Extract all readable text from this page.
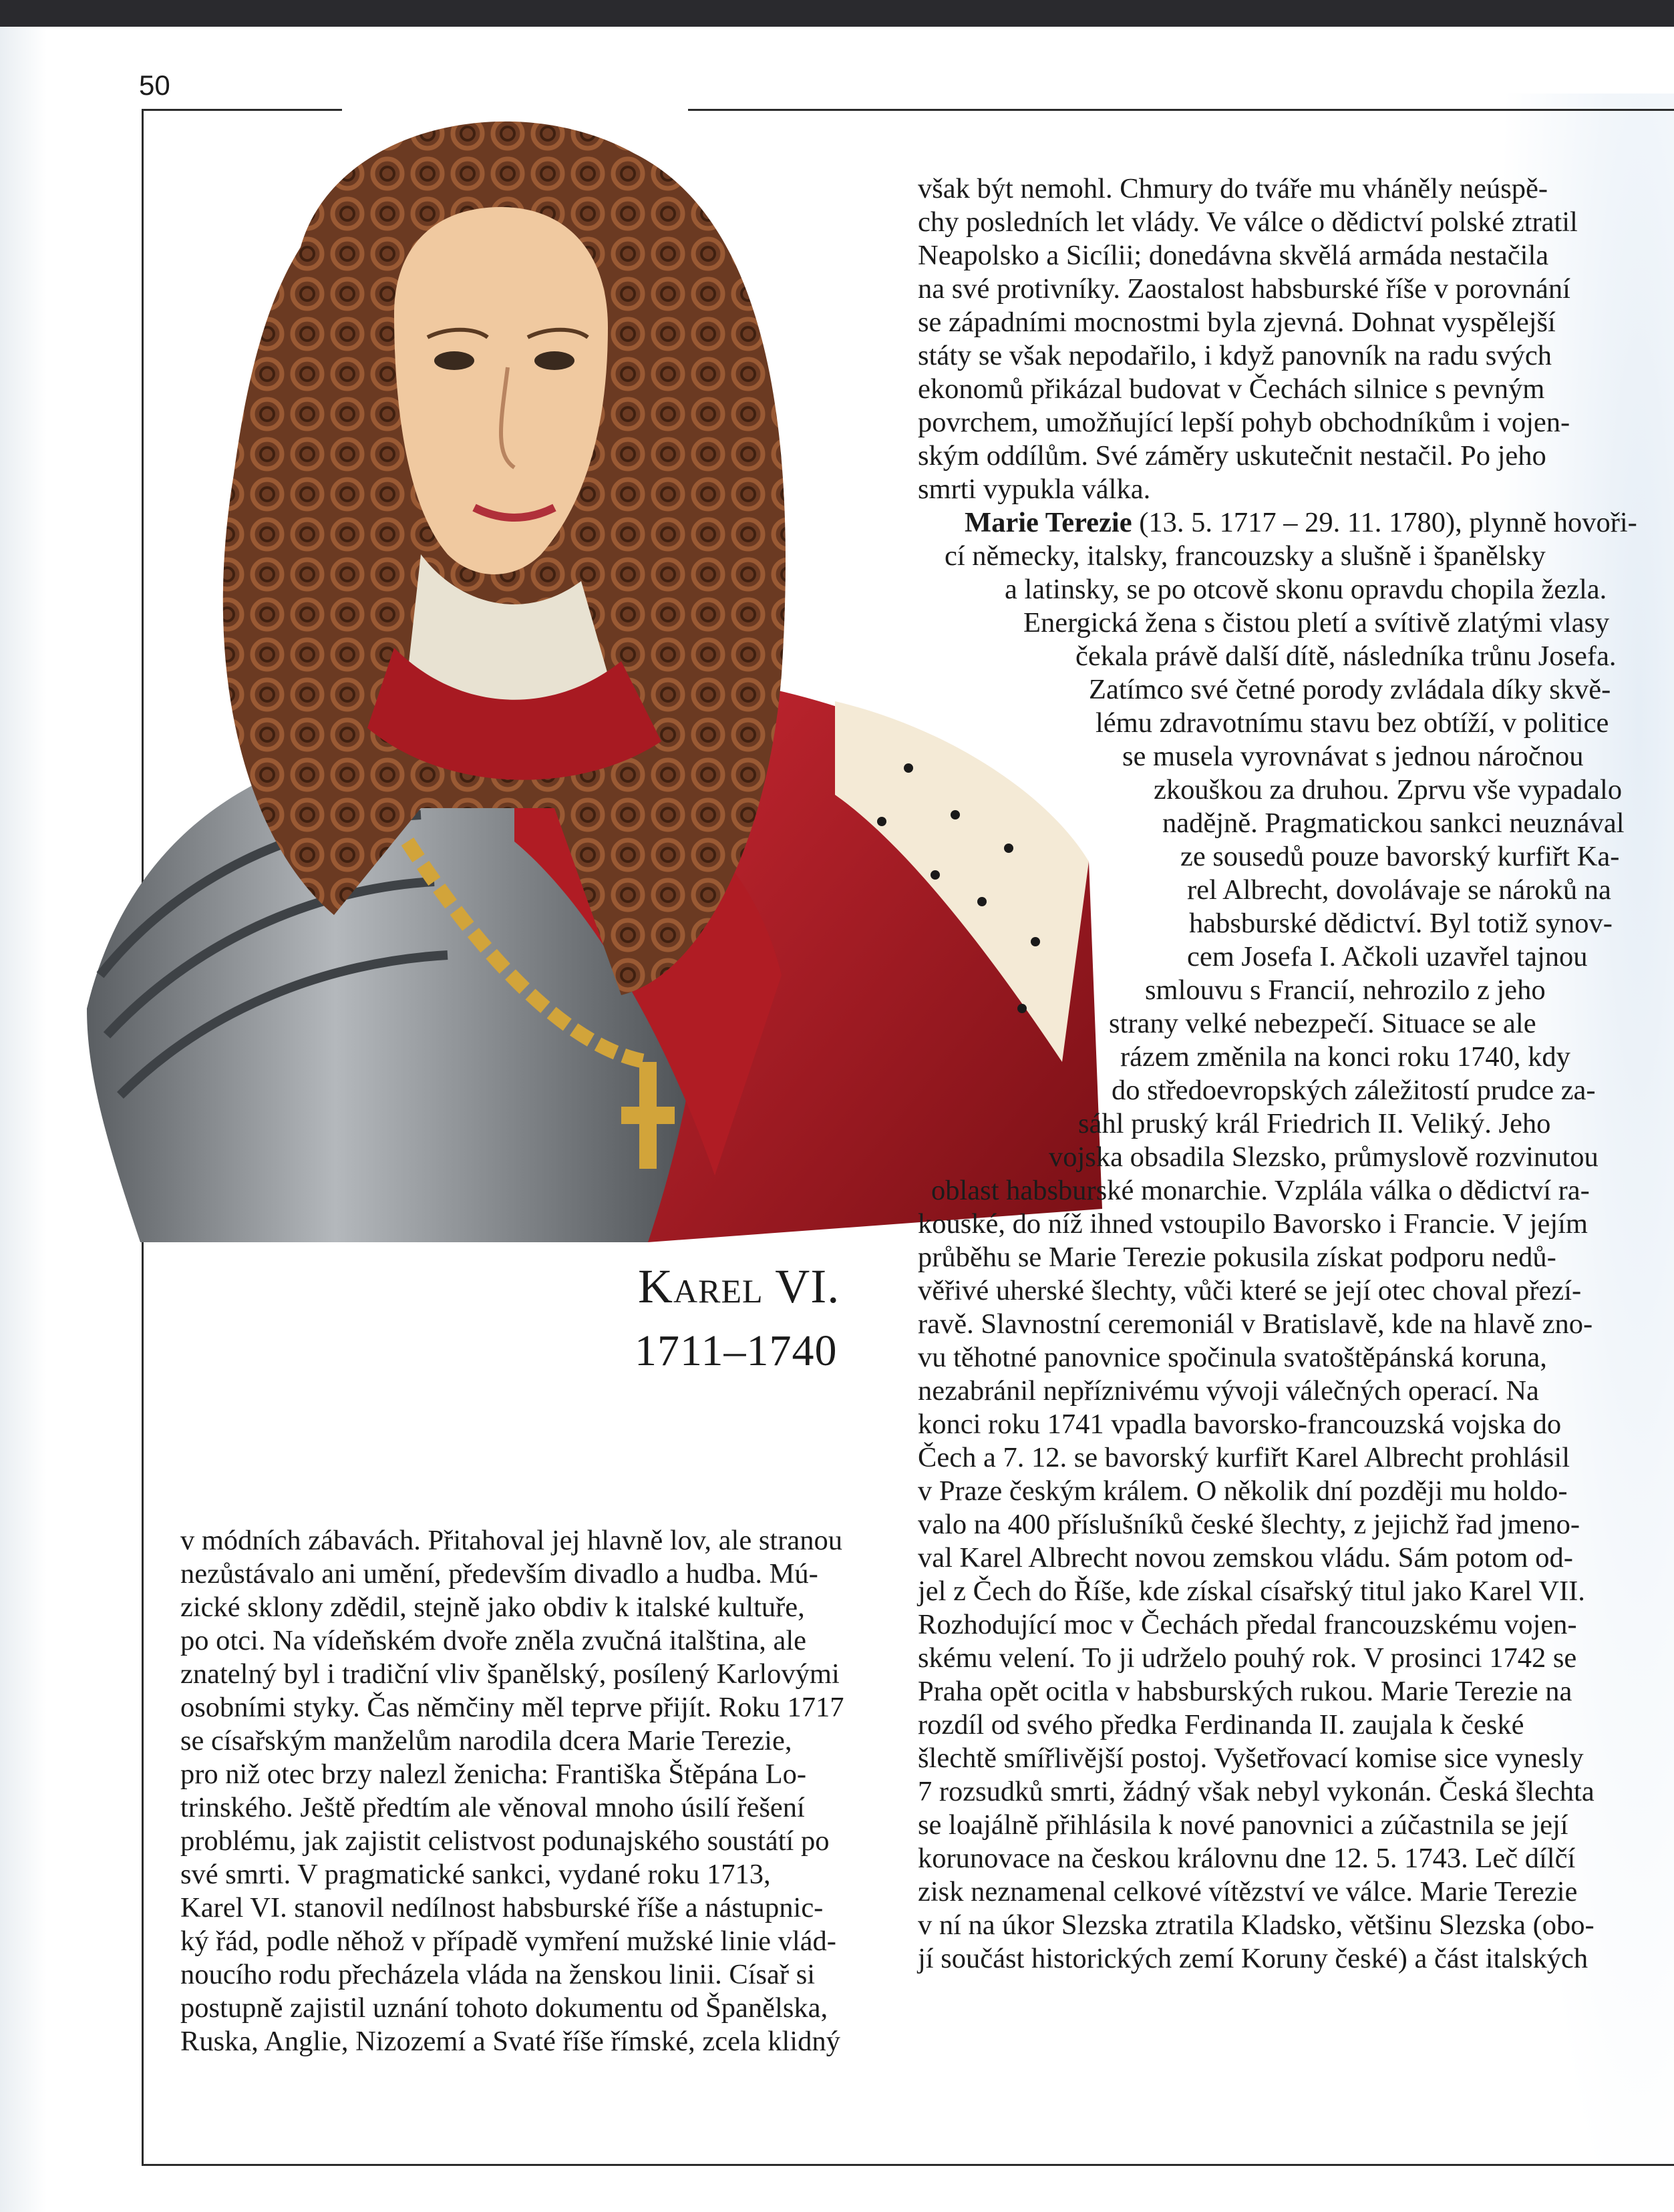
50
Karel VI.
1711–1740
však být nemohl. Chmury do tváře mu vháněly neúspě-
chy posledních let vlády. Ve válce o dědictví polské ztratil
Neapolsko a Sicílii; donedávna skvělá armáda nestačila
na své protivníky. Zaostalost habsburské říše v porovnání
se západními mocnostmi byla zjevná. Dohnat vyspělejší
státy se však nepodařilo, i když panovník na radu svých
ekonomů přikázal budovat v Čechách silnice s pevným
povrchem, umožňující lepší pohyb obchodníkům i vojen-
ským oddílům. Své záměry uskutečnit nestačil. Po jeho
smrti vypukla válka.
Marie Terezie (13. 5. 1717 – 29. 11. 1780), plynně hovoři-
cí německy, italsky, francouzsky a slušně i španělsky
a latinsky, se po otcově skonu opravdu chopila žezla.
Energická žena s čistou pletí a svítivě zlatými vlasy
čekala právě další dítě, následníka trůnu Josefa.
Zatímco své četné porody zvládala díky skvě-
lému zdravotnímu stavu bez obtíží, v politice
se musela vyrovnávat s jednou náročnou
zkouškou za druhou. Zprvu vše vypadalo
nadějně. Pragmatickou sankci neuznával
ze sousedů pouze bavorský kurfiřt Ka-
rel Albrecht, dovolávaje se nároků na
habsburské dědictví. Byl totiž synov-
cem Josefa I. Ačkoli uzavřel tajnou
smlouvu s Francií, nehrozilo z jeho
strany velké nebezpečí. Situace se ale
rázem změnila na konci roku 1740, kdy
do středoevropských záležitostí prudce za-
sáhl pruský král Friedrich II. Veliký. Jeho
vojska obsadila Slezsko, průmyslově rozvinutou
oblast habsburské monarchie. Vzplála válka o dědictví ra-
kouské, do níž ihned vstoupilo Bavorsko i Francie. V jejím
průběhu se Marie Terezie pokusila získat podporu nedů-
věřivé uherské šlechty, vůči které se její otec choval přezí-
ravě. Slavnostní ceremoniál v Bratislavě, kde na hlavě zno-
vu těhotné panovnice spočinula svatoštěpánská koruna,
nezabránil nepříznivému vývoji válečných operací. Na
konci roku 1741 vpadla bavorsko-francouzská vojska do
Čech a 7. 12. se bavorský kurfiřt Karel Albrecht prohlásil
v Praze českým králem. O několik dní později mu holdo-
valo na 400 příslušníků české šlechty, z jejichž řad jmeno-
val Karel Albrecht novou zemskou vládu. Sám potom od-
jel z Čech do Říše, kde získal císařský titul jako Karel VII.
Rozhodující moc v Čechách předal francouzskému vojen-
skému velení. To ji udrželo pouhý rok. V prosinci 1742 se
Praha opět ocitla v habsburských rukou. Marie Terezie na
rozdíl od svého předka Ferdinanda II. zaujala k české
šlechtě smířlivější postoj. Vyšetřovací komise sice vynesly
7 rozsudků smrti, žádný však nebyl vykonán. Česká šlechta
se loajálně přihlásila k nové panovnici a zúčastnila se její
korunovace na českou královnu dne 12. 5. 1743. Leč dílčí
zisk neznamenal celkové vítězství ve válce. Marie Terezie
v ní na úkor Slezska ztratila Kladsko, většinu Slezska (obo-
jí součást historických zemí Koruny české) a část italských
v módních zábavách. Přitahoval jej hlavně lov, ale stranou
nezůstávalo ani umění, především divadlo a hudba. Mú-
zické sklony zdědil, stejně jako obdiv k italské kultuře,
po otci. Na vídeňském dvoře zněla zvučná italština, ale
znatelný byl i tradiční vliv španělský, posílený Karlovými
osobními styky. Čas němčiny měl teprve přijít. Roku 1717
se císařským manželům narodila dcera Marie Terezie,
pro niž otec brzy nalezl ženicha: Františka Štěpána Lo-
trinského. Ještě předtím ale věnoval mnoho úsilí řešení
problému, jak zajistit celistvost podunajského soustátí po
své smrti. V pragmatické sankci, vydané roku 1713,
Karel VI. stanovil nedílnost habsburské říše a nástupnic-
ký řád, podle něhož v případě vymření mužské linie vlád-
noucího rodu přecházela vláda na ženskou linii. Císař si
postupně zajistil uznání tohoto dokumentu od Španělska,
Ruska, Anglie, Nizozemí a Svaté říše římské, zcela klidný
